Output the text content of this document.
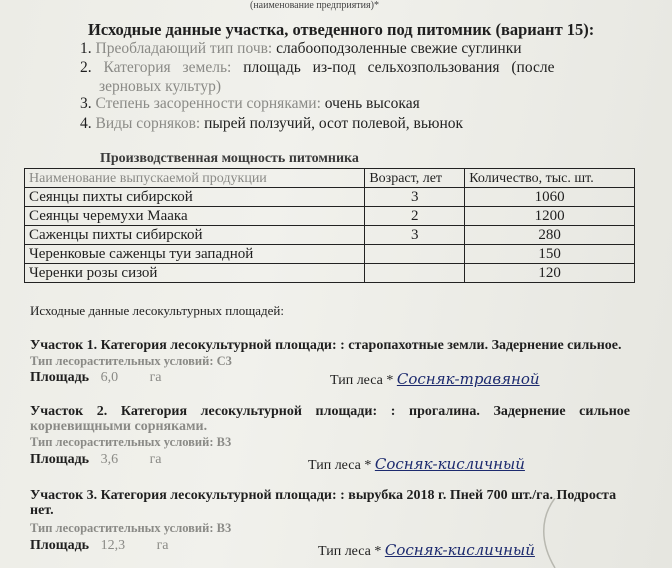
(наименование предприятия)*
Исходные данные участка, отведенного под питомник (вариант 15):
1. Преобладающий тип почв: слабооподзоленные свежие суглинки
2. Категория земель: площадь из-под сельхозпользования (после
зерновых культур)
3. Степень засоренности сорняками: очень высокая
4. Виды сорняков: пырей ползучий, осот полевой, вьюнок
Производственная мощность питомника
Наименование выпускаемой продукции	Возраст, лет	Количество, тыс. шт.
Сеянцы пихты сибирской	3	1060
Сеянцы черемухи Маака	2	1200
Саженцы пихты сибирской	3	280
Черенковые саженцы туи западной		150
Черенки розы сизой		120
Исходные данные лесокультурных площадей:
Участок 1. Категория лесокультурной площади: : старопахотные земли. Задернение сильное.
Тип лесорастительных условий: С3
Площадь 6,0 га	Тип леса * Сосняк-травяной
Участок 2. Категория лесокультурной площади: : прогалина. Задернение сильное
корневищными сорняками.
Тип лесорастительных условий: В3
Площадь 3,6 га	Тип леса * Сосняк-кисличный
Участок 3. Категория лесокультурной площади: : вырубка 2018 г. Пней 700 шт./га. Подроста
нет.
Тип лесорастительных условий: В3
Площадь 12,3 га	Тип леса * Сосняк-кисличный
